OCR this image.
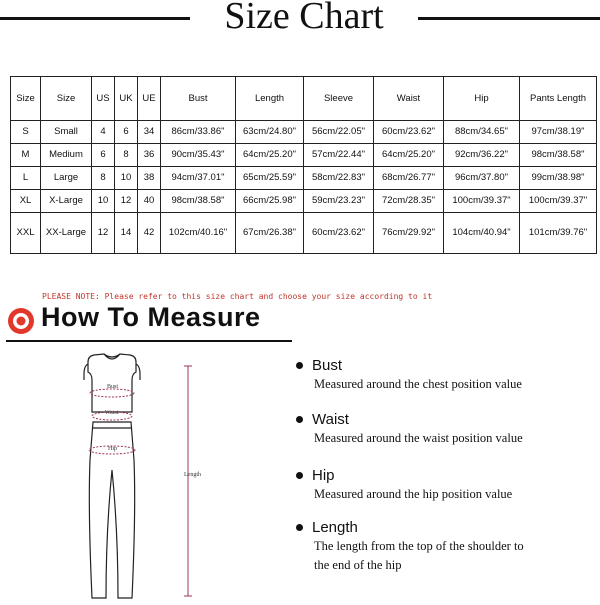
Size Chart
Size	Size	US	UK	UE	Bust	Length	Sleeve	Waist	Hip	Pants Length
S	Small	4	6	34	86cm/33.86"	63cm/24.80"	56cm/22.05"	60cm/23.62"	88cm/34.65"	97cm/38.19"
M	Medium	6	8	36	90cm/35.43"	64cm/25.20"	57cm/22.44"	64cm/25.20"	92cm/36.22"	98cm/38.58"
L	Large	8	10	38	94cm/37.01"	65cm/25.59"	58cm/22.83"	68cm/26.77"	96cm/37.80"	99cm/38.98"
XL	X-Large	10	12	40	98cm/38.58"	66cm/25.98"	59cm/23.23"	72cm/28.35"	100cm/39.37"	100cm/39.37"
XXL	XX-Large	12	14	42	102cm/40.16"	67cm/26.38"	60cm/23.62"	76cm/29.92"	104cm/40.94"	101cm/39.76"
PLEASE NOTE: Please refer to this size chart and choose your size according to it
How To Measure
Bust
Waist
Hip
Length
Bust
Measured around the chest position value
Waist
Measured around the waist position value
Hip
Measured around the hip position value
Length
The length from the top of the shoulder to
the end of the hip
